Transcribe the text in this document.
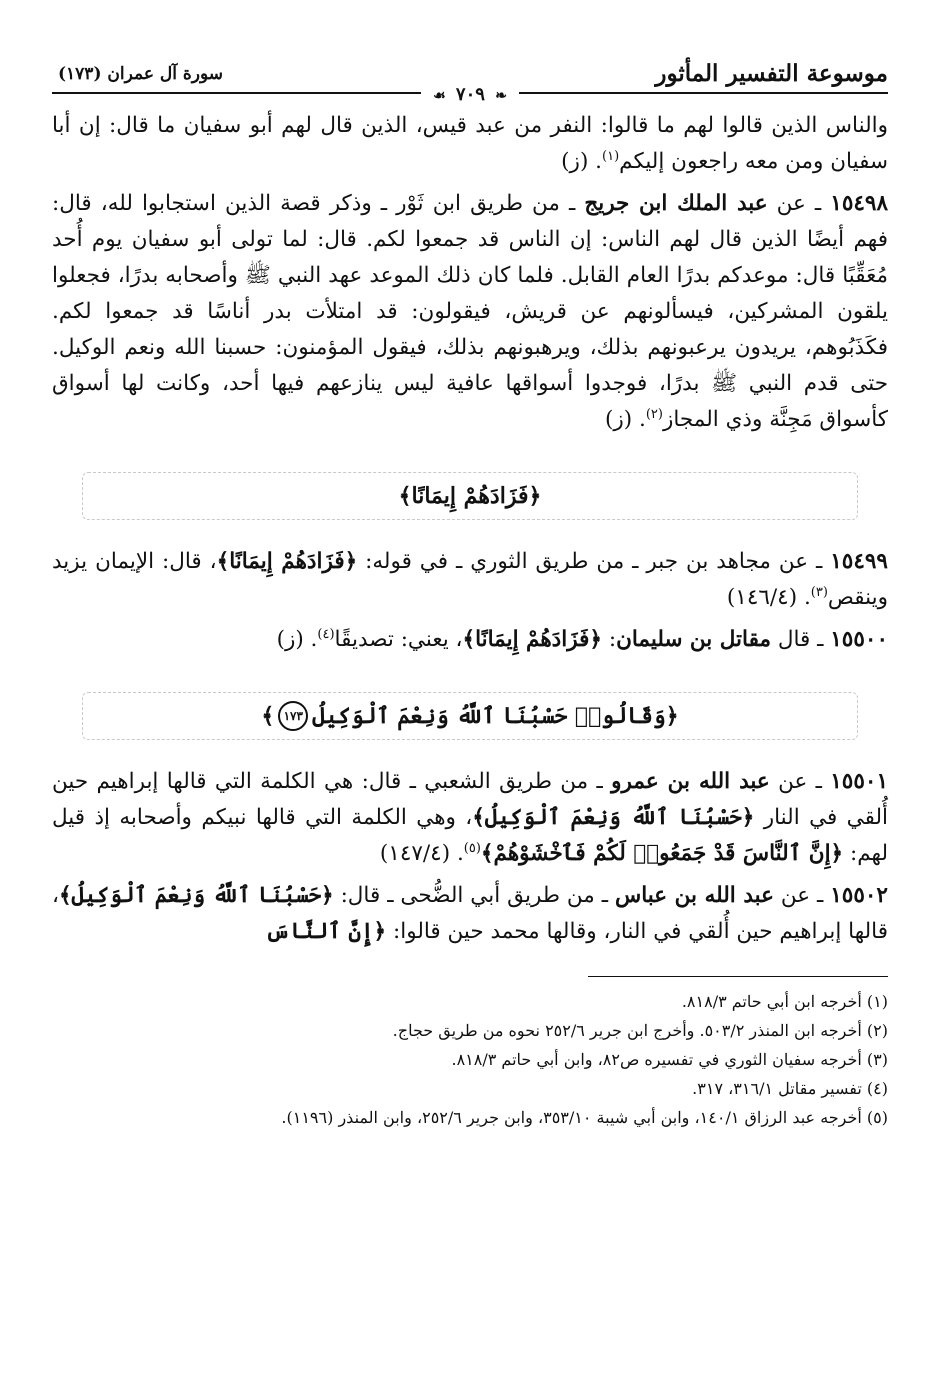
موسوعة التفسير المأثور
سورة آل عمران (١٧٣)
❧ ٧٠٩ ☙

والناس الذين قالوا لهم ما قالوا: النفر من عبد قيس، الذين قال لهم أبو سفيان ما قال: إن أبا سفيان ومن معه راجعون إليكم$^{(١)}$. (ز)

١٥٤٩٨ ـ عن عبد الملك ابن جريج ـ من طريق ابن ثَوْر ـ وذكر قصة الذين استجابوا لله، قال: فهم أيضًا الذين قال لهم الناس: إن الناس قد جمعوا لكم. قال: لما تولى أبو سفيان يوم أُحد مُعَقِّبًا قال: موعدكم بدرًا العام القابل. فلما كان ذلك الموعد عهد النبي ﷺ وأصحابه بدرًا، فجعلوا يلقون المشركين، فيسألونهم عن قريش، فيقولون: قد امتلأت بدر أناسًا قد جمعوا لكم. فكَذَبُوهم، يريدون يرعبونهم بذلك، ويرهبونهم بذلك، فيقول المؤمنون: حسبنا الله ونعم الوكيل. حتى قدم النبي ﷺ بدرًا، فوجدوا أسواقها عافية ليس ينازعهم فيها أحد، وكانت لها أسواق كأسواق مَجِنَّة وذي المجاز$^{(٢)}$. (ز)

﴿فَزَادَهُمْ إِيمَانًا﴾

١٥٤٩٩ ـ عن مجاهد بن جبر ـ من طريق الثوري ـ في قوله: ﴿فَزَادَهُمْ إِيمَانًا﴾، قال: الإيمان يزيد وينقص$^{(٣)}$. (١٤٦/٤)

١٥٥٠٠ ـ قال مقاتل بن سليمان: ﴿فَزَادَهُمْ إِيمَانًا﴾، يعني: تصديقًا$^{(٤)}$. (ز)

﴿وَقَالُوا۟ حَسْبُنَا ٱللَّهُ وَنِعْمَ ٱلْوَكِيلُ
١٧٣
﴾

١٥٥٠١ ـ عن عبد الله بن عمرو ـ من طريق الشعبي ـ قال: هي الكلمة التي قالها إبراهيم حين أُلقي في النار ﴿حَسْبُنَا ٱللَّهُ وَنِعْمَ ٱلْوَكِيلُ﴾، وهي الكلمة التي قالها نبيكم وأصحابه إذ قيل لهم: ﴿إِنَّ ٱلنَّاسَ قَدْ جَمَعُوا۟ لَكُمْ فَٱخْشَوْهُمْ﴾$^{(٥)}$. (١٤٧/٤)

١٥٥٠٢ ـ عن عبد الله بن عباس ـ من طريق أبي الضُّحى ـ قال: ﴿حَسْبُنَا ٱللَّهُ وَنِعْمَ ٱلْوَكِيلُ﴾، قالها إبراهيم حين أُلقي في النار، وقالها محمد حين قالوا: ﴿إِنَّ ٱلنَّاسَ

(١) أخرجه ابن أبي حاتم ٨١٨/٣.

(٢) أخرجه ابن المنذر ٥٠٣/٢. وأخرج ابن جرير ٢٥٢/٦ نحوه من طريق حجاج.

(٣) أخرجه سفيان الثوري في تفسيره ص٨٢، وابن أبي حاتم ٨١٨/٣.

(٤) تفسير مقاتل ٣١٦/١، ٣١٧.

(٥) أخرجه عبد الرزاق ١٤٠/١، وابن أبي شيبة ٣٥٣/١٠، وابن جرير ٢٥٢/٦، وابن المنذر (١١٩٦).
